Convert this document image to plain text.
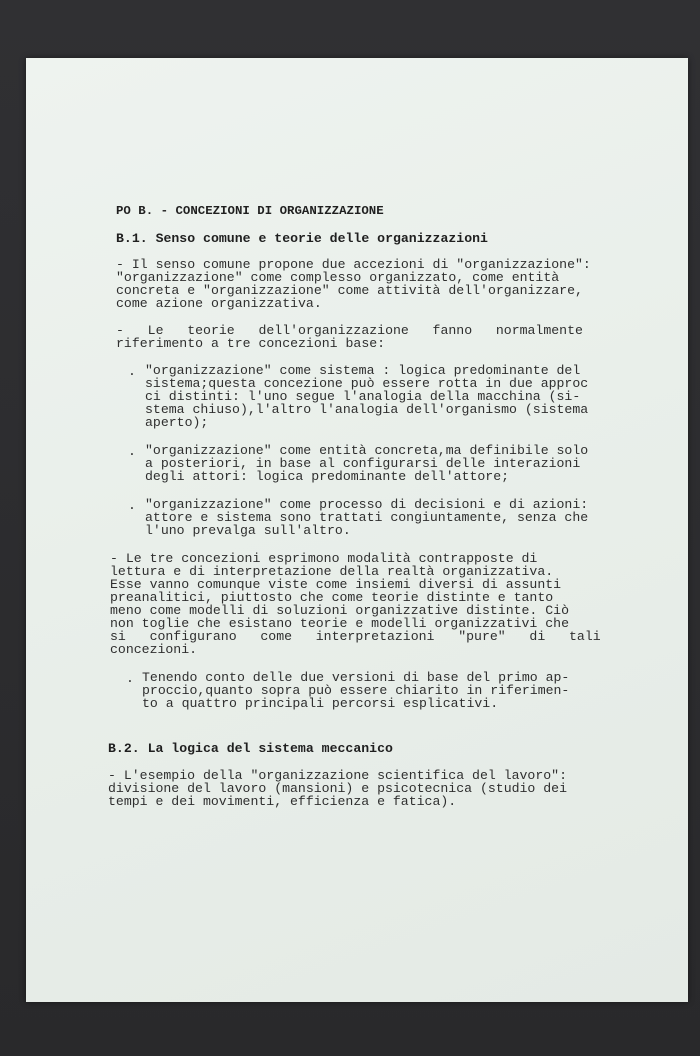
PO B. - CONCEZIONI DI ORGANIZZAZIONE
B.1. Senso comune e teorie delle organizzazioni
- Il senso comune propone due accezioni di "organizzazione":
"organizzazione" come complesso organizzato, come entità
concreta e "organizzazione" come attività dell'organizzare,
come azione organizzativa.
-   Le   teorie   dell'organizzazione   fanno   normalmente
riferimento a tre concezioni base:
. "organizzazione" come sistema : logica predominante del
sistema;questa concezione può essere rotta in due approc
ci distinti: l'uno segue l'analogia della macchina (si-
stema chiuso),l'altro l'analogia dell'organismo (sistema
aperto);
. "organizzazione" come entità concreta,ma definibile solo
a posteriori, in base al configurarsi delle interazioni
degli attori: logica predominante dell'attore;
. "organizzazione" come processo di decisioni e di azioni:
attore e sistema sono trattati congiuntamente, senza che
l'uno prevalga sull'altro.
- Le tre concezioni esprimono modalità contrapposte di
lettura e di interpretazione della realtà organizzativa.
Esse vanno comunque viste come insiemi diversi di assunti
preanalitici, piuttosto che come teorie distinte e tanto
meno come modelli di soluzioni organizzative distinte. Ciò
non toglie che esistano teorie e modelli organizzativi che
si   configurano   come   interpretazioni   "pure"   di   tali
concezioni.
. Tenendo conto delle due versioni di base del primo ap-
proccio,quanto sopra può essere chiarito in riferimen-
to a quattro principali percorsi esplicativi.
B.2. La logica del sistema meccanico
- L'esempio della "organizzazione scientifica del lavoro":
divisione del lavoro (mansioni) e psicotecnica (studio dei
tempi e dei movimenti, efficienza e fatica).
